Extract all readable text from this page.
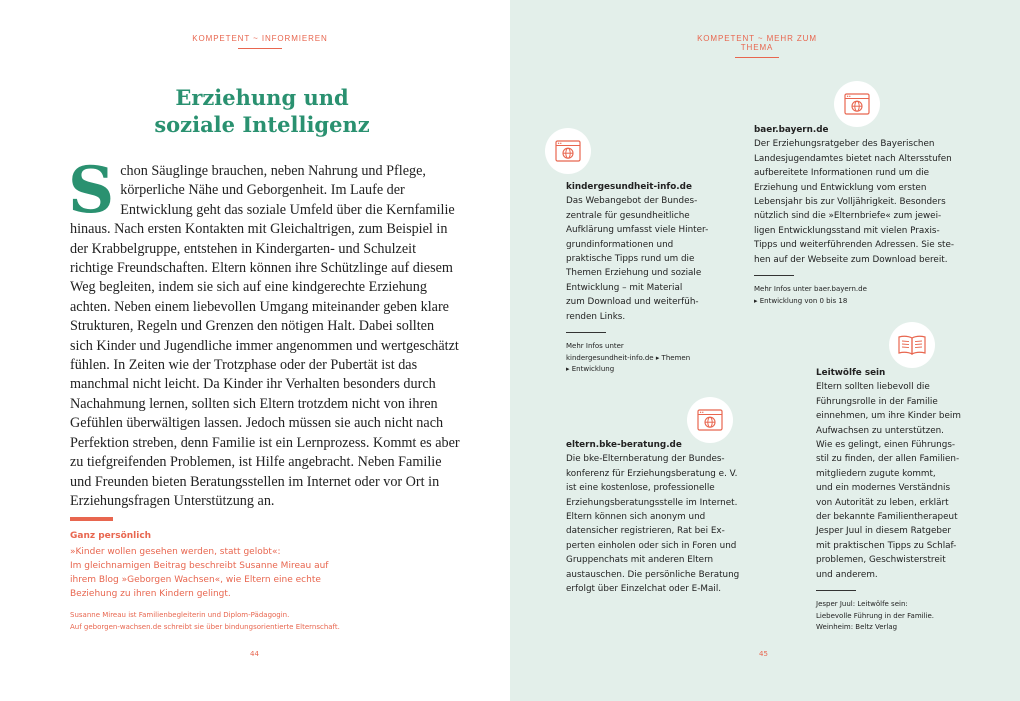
KOMPETENT ~ INFORMIEREN
Erziehung und
soziale Intelligenz
S chon Säuglinge brauchen, neben Nahrung und Pflege, körperliche Nähe und Geborgenheit. Im Laufe der Entwicklung geht das soziale Umfeld über die Kernfamilie hinaus. Nach ersten Kontakten mit Gleichaltrigen, zum Beispiel in der Krabbelgruppe, entstehen in Kindergarten- und Schulzeit richtige Freundschaften. Eltern können ihre Schützlinge auf diesem Weg begleiten, indem sie sich auf eine kindgerechte Erziehung achten. Neben einem liebevollen Umgang miteinander geben klare Strukturen, Regeln und Grenzen den nötigen Halt. Dabei sollten sich Kinder und Jugendliche immer angenommen und wertgeschätzt fühlen. In Zeiten wie der Trotzphase oder der Pubertät ist das manchmal nicht leicht. Da Kinder ihr Verhalten besonders durch Nachahmung lernen, sollten sich Eltern trotzdem nicht von ihren Gefühlen überwältigen lassen. Jedoch müssen sie auch nicht nach Perfektion streben, denn Familie ist ein Lernprozess. Kommt es aber zu tiefgreifenden Problemen, ist Hilfe angebracht. Neben Familie und Freunden bieten Beratungsstellen im Internet oder vor Ort in Erziehungsfragen Unterstützung an.
Ganz persönlich
»Kinder wollen gesehen werden, statt gelobt«:
Im gleichnamigen Beitrag beschreibt Susanne Mireau auf
ihrem Blog »Geborgen Wachsen«, wie Eltern eine echte
Beziehung zu ihren Kindern gelingt.
Susanne Mireau ist Familienbegleiterin und Diplom-Pädagogin.
Auf geborgen-wachsen.de schreibt sie über bindungsorientierte Elternschaft.
44
KOMPETENT ~ MEHR ZUM THEMA
kindergesundheit-info.de
Das Webangebot der Bundes-
zentrale für gesundheitliche
Aufklärung umfasst viele Hinter-
grundinformationen und
praktische Tipps rund um die
Themen Erziehung und soziale
Entwicklung – mit Material
zum Download und weiterfüh-
renden Links.
Mehr Infos unter
kindergesundheit-info.de ▸ Themen
▸ Entwicklung
baer.bayern.de
Der Erziehungsratgeber des Bayerischen
Landesjugendamtes bietet nach Altersstufen
aufbereitete Informationen rund um die
Erziehung und Entwicklung vom ersten
Lebensjahr bis zur Volljährigkeit. Besonders
nützlich sind die »Elternbriefe« zum jewei-
ligen Entwicklungsstand mit vielen Praxis-
Tipps und weiterführenden Adressen. Sie ste-
hen auf der Webseite zum Download bereit.
Mehr Infos unter baer.bayern.de
▸ Entwicklung von 0 bis 18
eltern.bke-beratung.de
Die bke-Elternberatung der Bundes-
konferenz für Erziehungsberatung e. V.
ist eine kostenlose, professionelle
Erziehungsberatungsstelle im Internet.
Eltern können sich anonym und
datensicher registrieren, Rat bei Ex-
perten einholen oder sich in Foren und
Gruppenchats mit anderen Eltern
austauschen. Die persönliche Beratung
erfolgt über Einzelchat oder E-Mail.
Leitwölfe sein
Eltern sollten liebevoll die
Führungsrolle in der Familie
einnehmen, um ihre Kinder beim
Aufwachsen zu unterstützen.
Wie es gelingt, einen Führungs-
stil zu finden, der allen Familien-
mitgliedern zugute kommt,
und ein modernes Verständnis
von Autorität zu leben, erklärt
der bekannte Familientherapeut
Jesper Juul in diesem Ratgeber
mit praktischen Tipps zu Schlaf-
problemen, Geschwisterstreit
und anderem.
Jesper Juul: Leitwölfe sein:
Liebevolle Führung in der Familie.
Weinheim: Beltz Verlag
45
